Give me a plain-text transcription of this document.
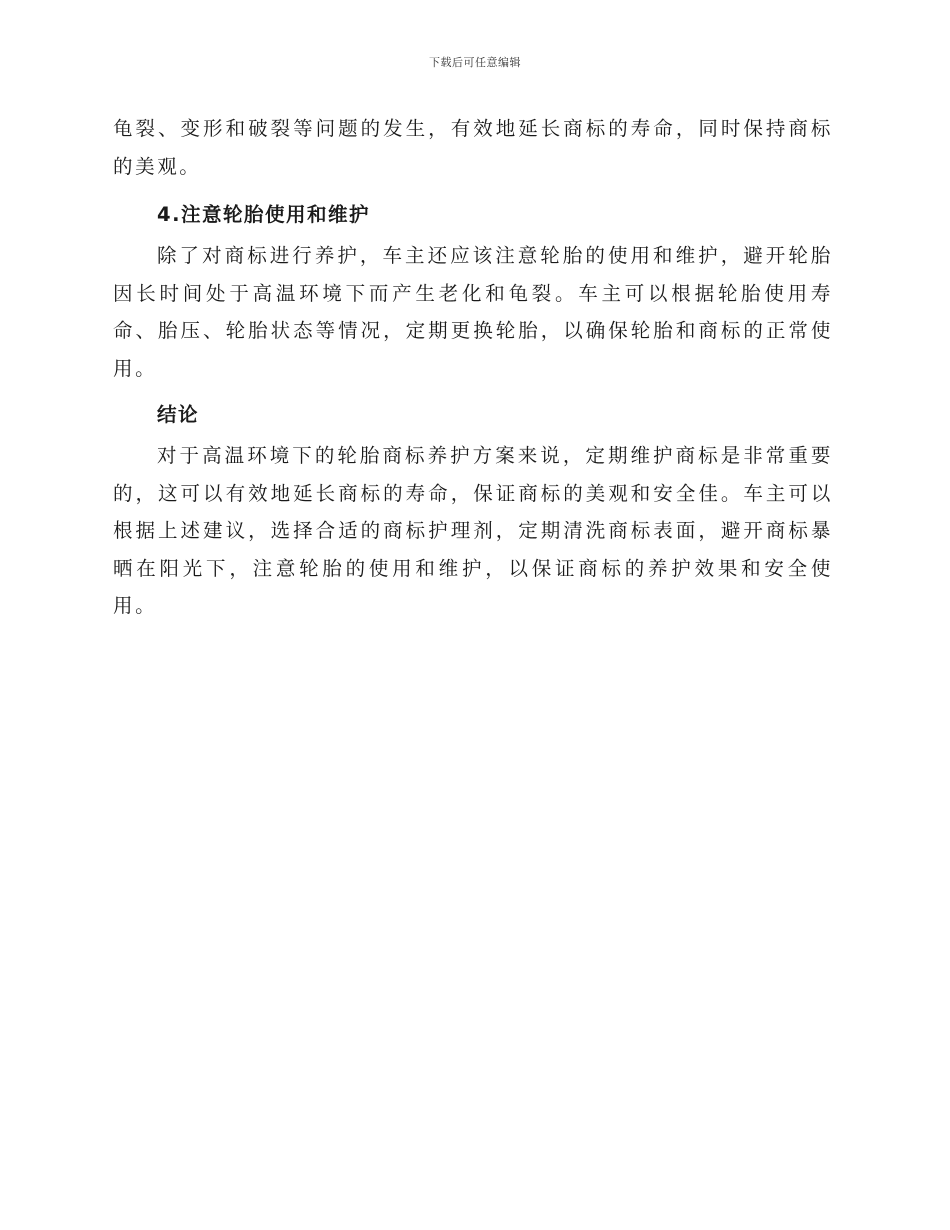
下载后可任意编辑

龟裂、变形和破裂等问题的发生，有效地延长商标的寿命，同时保持商标的美观。

4.注意轮胎使用和维护

除了对商标进行养护，车主还应该注意轮胎的使用和维护，避开轮胎因长时间处于高温环境下而产生老化和龟裂。车主可以根据轮胎使用寿命、胎压、轮胎状态等情况，定期更换轮胎，以确保轮胎和商标的正常使用。

结论

对于高温环境下的轮胎商标养护方案来说，定期维护商标是非常重要的，这可以有效地延长商标的寿命，保证商标的美观和安全佳。车主可以根据上述建议，选择合适的商标护理剂，定期清洗商标表面，避开商标暴晒在阳光下，注意轮胎的使用和维护，以保证商标的养护效果和安全使用。
